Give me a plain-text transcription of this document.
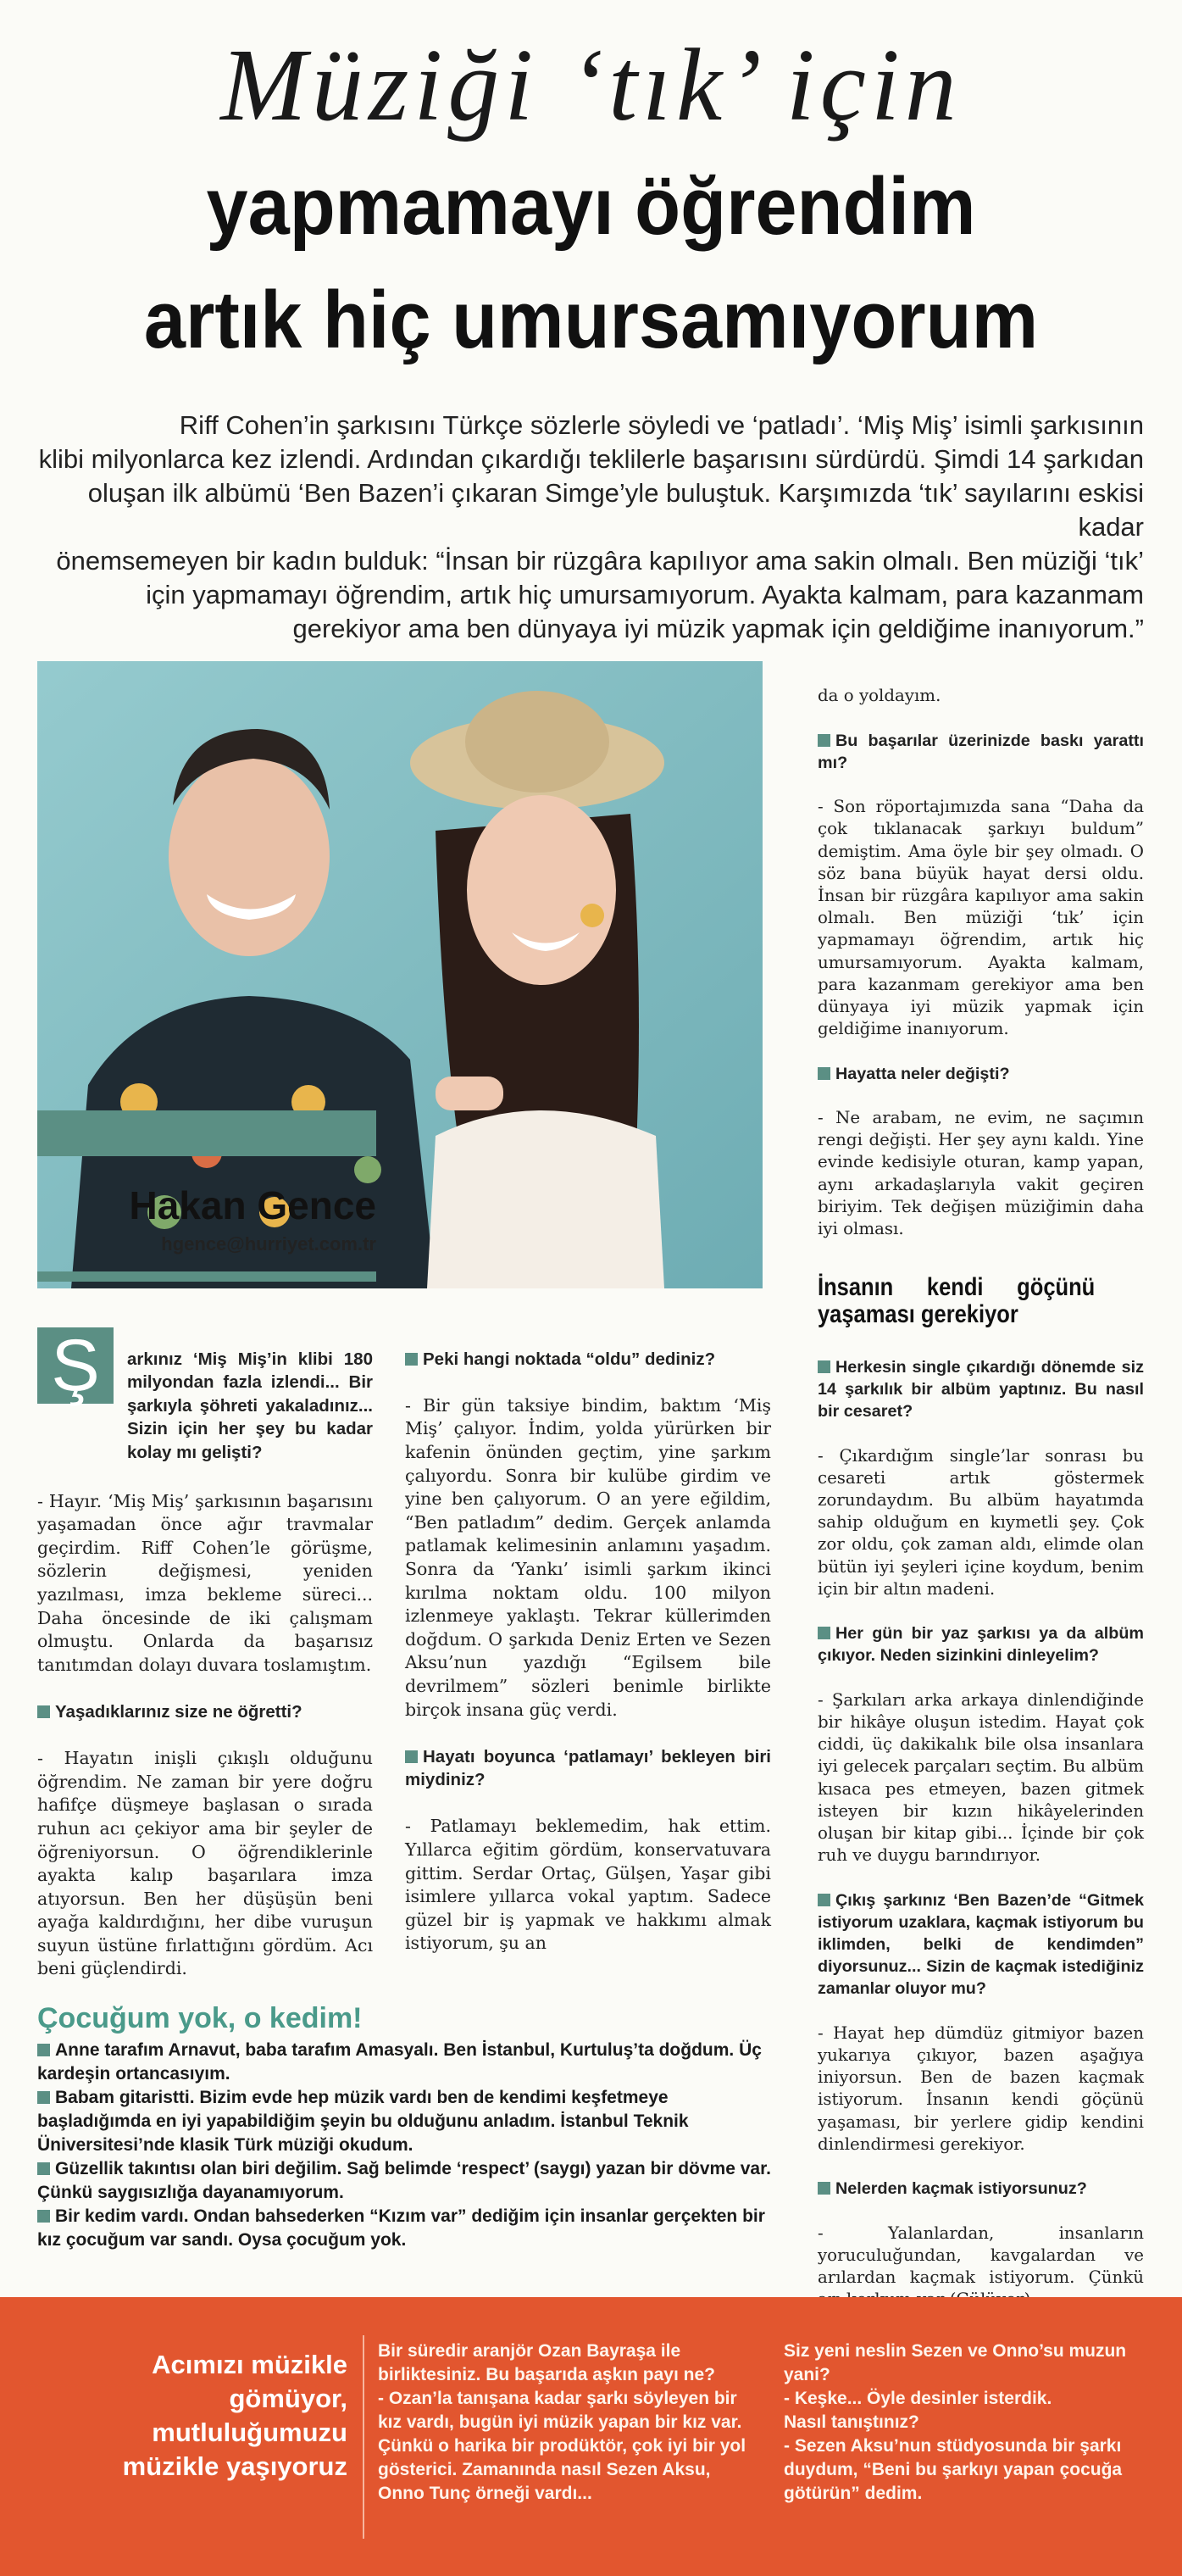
Müziği ‘tık’ için
yapmamayı öğrendim
artık hiç umursamıyorum
Riff Cohen’in şarkısını Türkçe sözlerle söyledi ve ‘patladı’. ‘Miş Miş’ isimli şarkısının
klibi milyonlarca kez izlendi. Ardından çıkardığı teklilerle başarısını sürdürdü. Şimdi 14 şarkıdan
oluşan ilk albümü ‘Ben Bazen’i çıkaran Simge’yle buluştuk. Karşımızda ‘tık’ sayılarını eskisi kadar
önemsemeyen bir kadın bulduk: “İnsan bir rüzgâra kapılıyor ama sakin olmalı. Ben müziği ‘tık’
için yapmamayı öğrendim, artık hiç umursamıyorum. Ayakta kalmam, para kazanmam
gerekiyor ama ben dünyaya iyi müzik yapmak için geldiğime inanıyorum.”
Hakan Gence
hgence@hurriyet.com.tr
Ş	arkınız ‘Miş Miş’in klibi 180 milyondan fazla izlendi... Bir şarkıyla şöhreti yakaladınız... Sizin için her şey bu kadar kolay mı gelişti?

- Hayır. ‘Miş Miş’ şarkısının başarısını yaşamadan önce ağır travmalar geçirdim. Riff Cohen’le görüşme, sözlerin değişmesi, yeniden yazılması, imza bekleme süreci... Daha öncesinde de iki çalışmam olmuştu. Onlarda da başarısız tanıtımdan dolayı duvara toslamıştım.

Yaşadıklarınız size ne öğretti?

- Hayatın inişli çıkışlı olduğunu öğrendim. Ne zaman bir yere doğru hafifçe düşmeye başlasan o sırada ruhun acı çekiyor ama bir şeyler de öğreniyorsun. O öğrendiklerinle ayakta kalıp başarılara imza atıyorsun. Ben her düşüşün beni ayağa kaldırdığını, her dibe vuruşun suyun üstüne fırlattığını gördüm. Acı beni güçlendirdi.

Peki hangi noktada “oldu” dediniz?

- Bir gün taksiye bindim, baktım ‘Miş Miş’ çalıyor. İndim, yolda yürürken bir kafenin önünden geçtim, yine şarkım çalıyordu. Sonra bir kulübe girdim ve yine ben çalıyorum. O an yere eğildim, “Ben patladım” dedim. Gerçek anlamda patlamak kelimesinin anlamını yaşadım. Sonra da ‘Yankı’ isimli şarkım ikinci kırılma noktam oldu. 100 milyon izlenmeye yaklaştı. Tekrar küllerimden doğdum. O şarkıda Deniz Erten ve Sezen Aksu’nun yazdığı “Egilsem bile devrilmem” sözleri benimle birlikte birçok insana güç verdi.

Hayatı boyunca ‘patlamayı’ bekleyen biri miydiniz?

- Patlamayı beklemedim, hak ettim. Yıllarca eğitim gördüm, konservatuvara gittim. Serdar Ortaç, Gülşen, Yaşar gibi isimlere yıllarca vokal yaptım. Sadece güzel bir iş yapmak ve hakkımı almak istiyorum, şu an

da o yoldayım.

Bu başarılar üzerinizde baskı yarattı mı?

- Son röportajımızda sana “Daha da çok tıklanacak şarkıyı buldum” demiştim. Ama öyle bir şey olmadı. O söz bana büyük hayat dersi oldu. İnsan bir rüzgâra kapılıyor ama sakin olmalı. Ben müziği ‘tık’ için yapmamayı öğrendim, artık hiç umursamıyorum. Ayakta kalmam, para kazanmam gerekiyor ama ben dünyaya iyi müzik yapmak için geldiğime inanıyorum.

Hayatta neler değişti?

- Ne arabam, ne evim, ne saçımın rengi değişti. Her şey aynı kaldı. Yine evinde kedisiyle oturan, kamp yapan, aynı arkadaşlarıyla vakit geçiren biriyim. Tek değişen müziğimin daha iyi olması.

İnsanın kendi göçünü yaşaması gerekiyor

Herkesin single çıkardığı dönemde siz 14 şarkılık bir albüm yaptınız. Bu nasıl bir cesaret?

- Çıkardığım single’lar sonrası bu cesareti artık göstermek zorundaydım. Bu albüm hayatımda sahip olduğum en kıymetli şey. Çok zor oldu, çok zaman aldı, elimde olan bütün iyi şeyleri içine koydum, benim için bir altın madeni.

Her gün bir yaz şarkısı ya da albüm çıkıyor. Neden sizinkini dinleyelim?

- Şarkıları arka arkaya dinlendiğinde bir hikâye oluşun istedim. Hayat çok ciddi, üç dakikalık bile olsa insanlara iyi gelecek parçaları seçtim. Bu albüm kısaca pes etmeyen, bazen gitmek isteyen bir kızın hikâyelerinden oluşan bir kitap gibi... İçinde bir çok ruh ve duygu barındırıyor.

Çıkış şarkınız ‘Ben Bazen’de “Gitmek istiyorum uzaklara, kaçmak istiyorum bu iklimden, belki de kendimden” diyorsunuz... Sizin de kaçmak istediğiniz zamanlar oluyor mu?

- Hayat hep dümdüz gitmiyor bazen yukarıya çıkıyor, bazen aşağıya iniyorsun. Ben de bazen kaçmak istiyorum. İnsanın kendi göçünü yaşaması, bir yerlere gidip kendini dinlendirmesi gerekiyor.

Nelerden kaçmak istiyorsunuz?

- Yalanlardan, insanların yoruculuğundan, kavgalardan ve arılardan kaçmak istiyorum. Çünkü

Çocuğum yok, o kedim!
Anne tarafım Arnavut, baba tarafım Amasyalı. Ben İstanbul, Kurtuluş’ta doğdum. Üç kardeşin ortancasıyım.
Babam gitaristti. Bizim evde hep müzik vardı ben de kendimi keşfetmeye başladığımda en iyi yapabildiğim şeyin bu olduğunu anladım. İstanbul Teknik Üniversitesi’nde klasik Türk müziği okudum.
Güzellik takıntısı olan biri değilim. Sağ belimde ‘respect’ (saygı) yazan bir dövme var. Çünkü saygısızlığa dayanamıyorum.
Bir kedim vardı. Ondan bahsederken “Kızım var” dediğim için insanlar gerçekten bir kız çocuğum var sandı. Oysa çocuğum yok.
Acımızı müzikle
gömüyor,
mutluluğumuzu
müzikle yaşıyoruz
Bir süredir aranjör Ozan Bayraşa ile birliktesiniz. Bu başarıda aşkın payı ne?
- Ozan’la tanışana kadar şarkı söyleyen bir kız vardı, bugün iyi müzik yapan bir kız var. Çünkü o harika bir prodüktör, çok iyi bir yol gösterici. Zamanında nasıl Sezen Aksu, Onno Tunç örneği vardı...
Siz yeni neslin Sezen ve Onno’su muzun yani?
- Keşke... Öyle desinler isterdik.
Nasıl tanıştınız?
- Sezen Aksu’nun stüdyosunda bir şarkı duydum, “Beni bu şarkıyı yapan çocuğa götürün” dedim.
